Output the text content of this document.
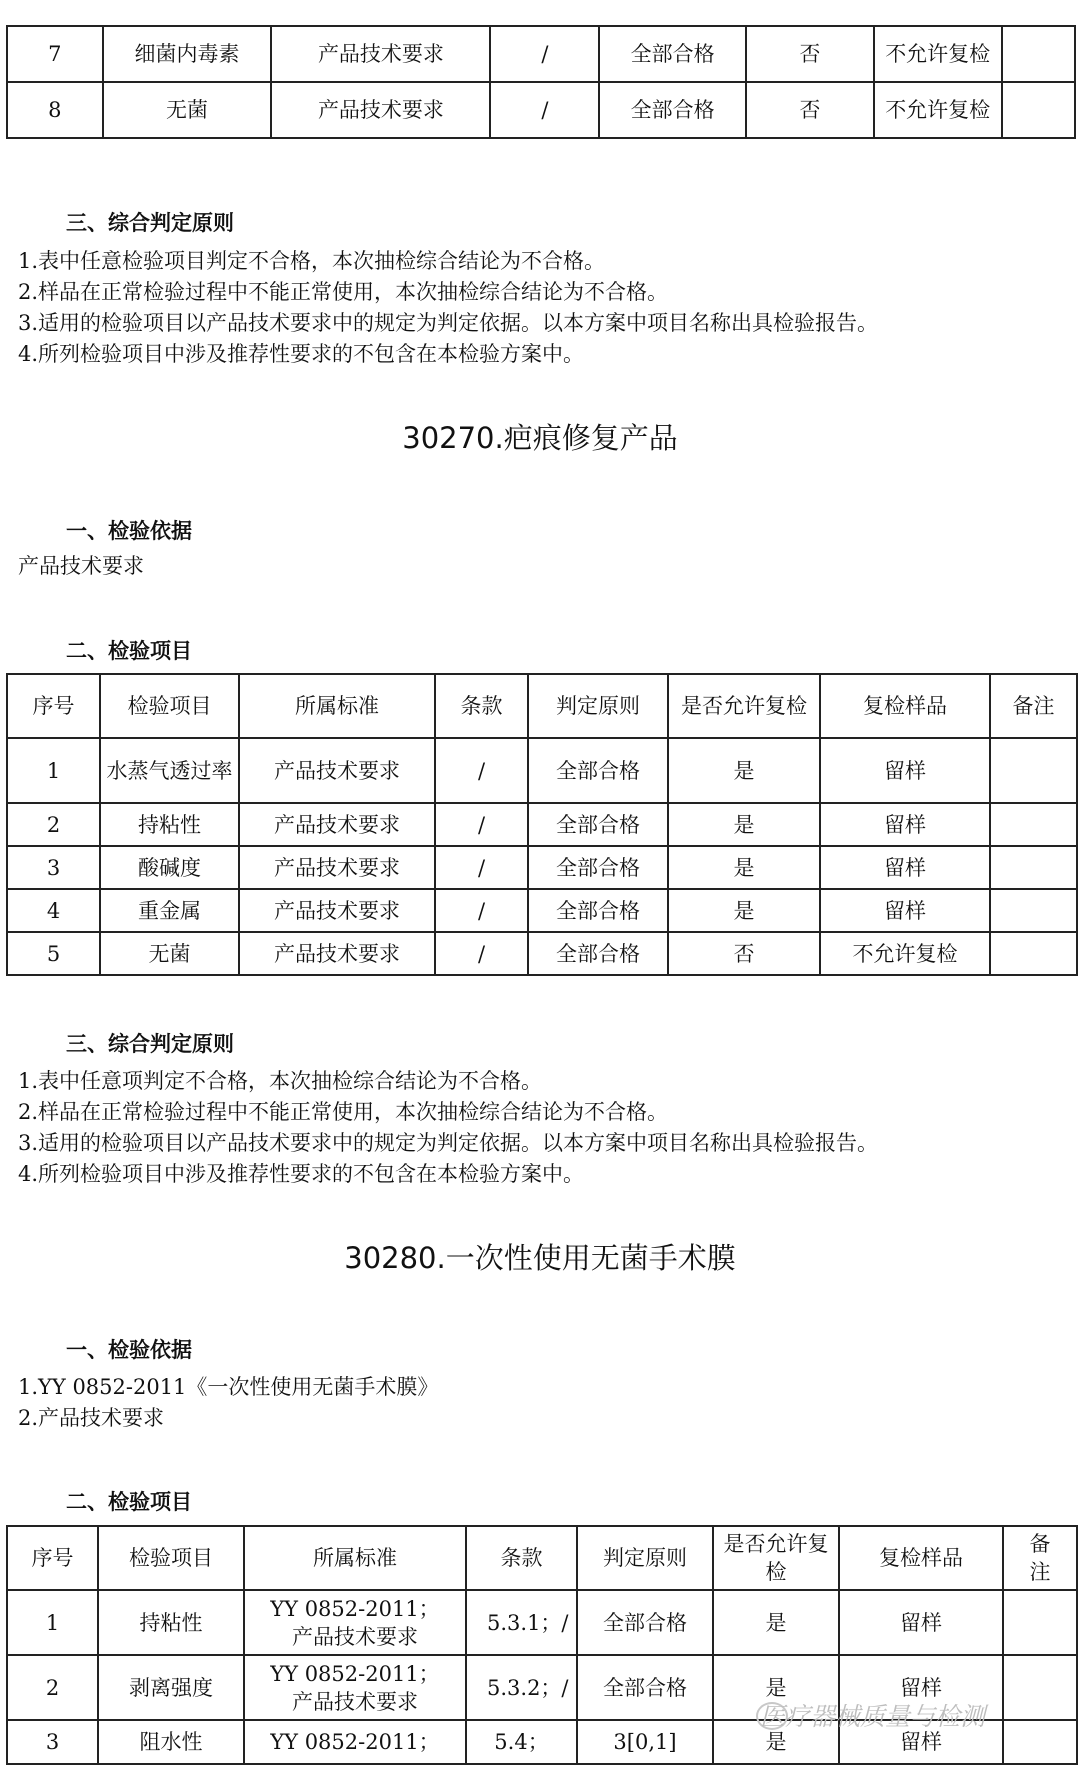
7	细菌内毒素	产品技术要求	/	全部合格	否	不允许复检	
8	无菌	产品技术要求	/	全部合格	否	不允许复检	
三、综合判定原则
1.表中任意检验项目判定不合格，本次抽检综合结论为不合格。
2.样品在正常检验过程中不能正常使用，本次抽检综合结论为不合格。
3.适用的检验项目以产品技术要求中的规定为判定依据。以本方案中项目名称出具检验报告。
4.所列检验项目中涉及推荐性要求的不包含在本检验方案中。
30270.疤痕修复产品
一、检验依据
产品技术要求
二、检验项目
序号	检验项目	所属标准	条款	判定原则	是否允许复检	复检样品	备注
1	水蒸气透过率	产品技术要求	/	全部合格	是	留样	
2	持粘性	产品技术要求	/	全部合格	是	留样	
3	酸碱度	产品技术要求	/	全部合格	是	留样	
4	重金属	产品技术要求	/	全部合格	是	留样	
5	无菌	产品技术要求	/	全部合格	否	不允许复检	
三、综合判定原则
1.表中任意项判定不合格，本次抽检综合结论为不合格。
2.样品在正常检验过程中不能正常使用，本次抽检综合结论为不合格。
3.适用的检验项目以产品技术要求中的规定为判定依据。以本方案中项目名称出具检验报告。
4.所列检验项目中涉及推荐性要求的不包含在本检验方案中。
30280.一次性使用无菌手术膜
一、检验依据
1.YY 0852-2011《一次性使用无菌手术膜》
2.产品技术要求
二、检验项目
序号	检验项目	所属标准	条款	判定原则	是否允许复检	复检样品	备注
1	持粘性	YY 0852-2011；产品技术要求	5.3.1；/	全部合格	是	留样	
2	剥离强度	YY 0852-2011；产品技术要求	5.3.2；/	全部合格	是	留样	
3	阻水性	YY 0852-2011；	5.4；	3[0,1]	是	留样	
医疗器械质量与检测
